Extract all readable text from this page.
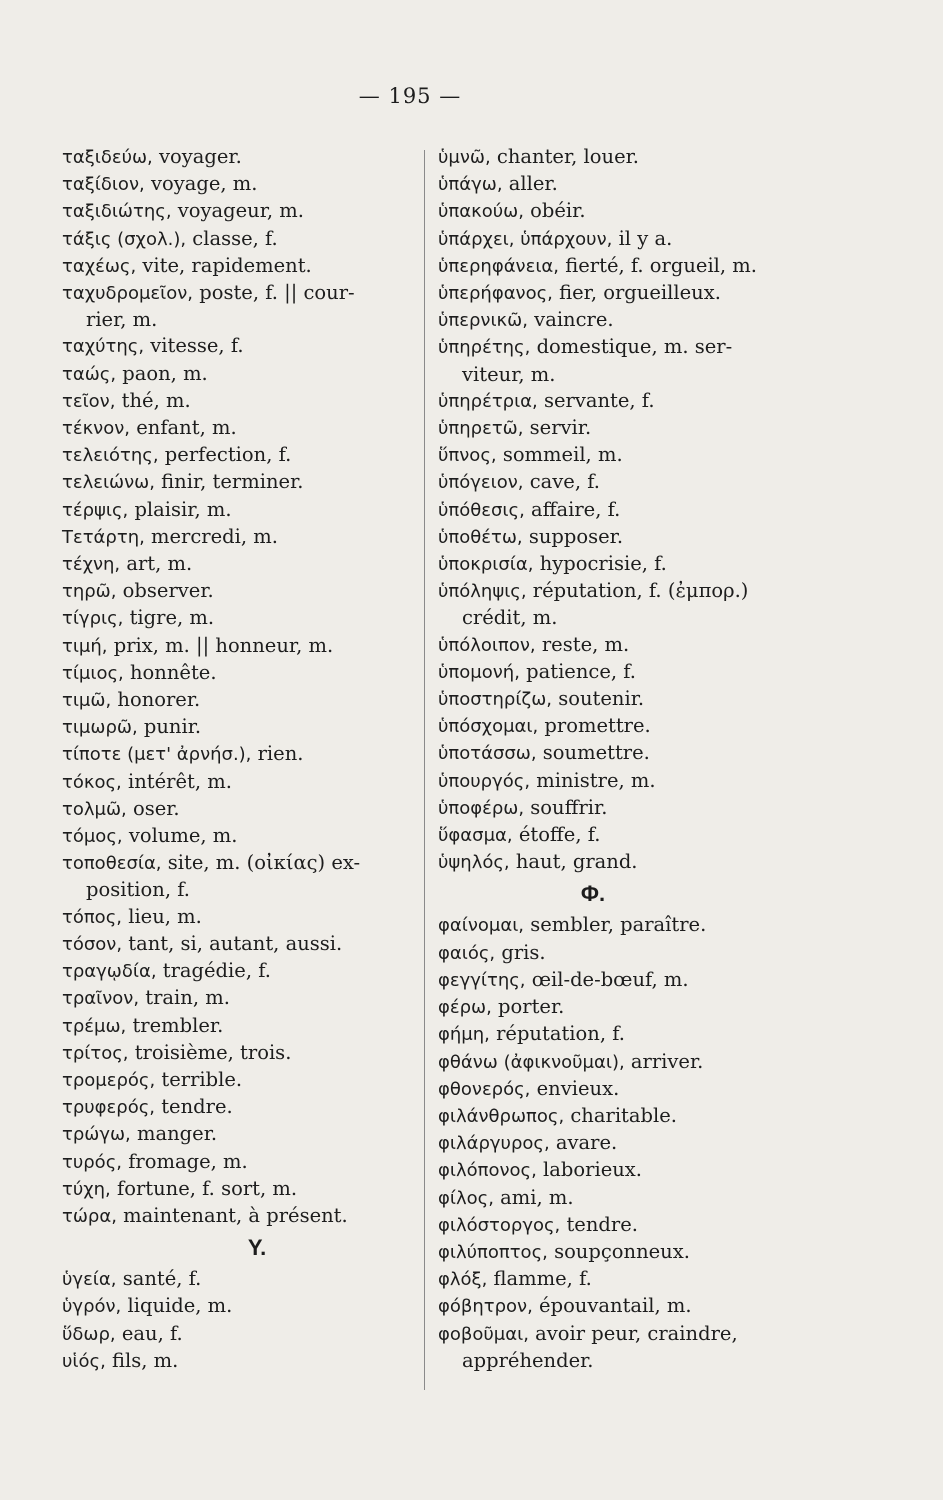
— 195 —
ταξιδεύω, voyager.
ταξίδιον, voyage, m.
ταξιδιώτης, voyageur, m.
τάξις (σχολ.), classe, f.
ταχέως, vite, rapidement.
ταχυδρομεῖον, poste, f. || cour-
rier, m.
ταχύτης, vitesse, f.
ταώς, paon, m.
τεῖον, thé, m.
τέκνον, enfant, m.
τελειότης, perfection, f.
τελειώνω, finir, terminer.
τέρψις, plaisir, m.
Τετάρτη, mercredi, m.
τέχνη, art, m.
τηρῶ, observer.
τίγρις, tigre, m.
τιμή, prix, m. || honneur, m.
τίμιος, honnête.
τιμῶ, honorer.
τιμωρῶ, punir.
τίποτε (μετ' ἀρνήσ.), rien.
τόκος, intérêt, m.
τολμῶ, oser.
τόμος, volume, m.
τοποθεσία, site, m. (οἰκίας) ex-
position, f.
τόπος, lieu, m.
τόσον, tant, si, autant, aussi.
τραγῳδία, tragédie, f.
τραῖνον, train, m.
τρέμω, trembler.
τρίτος, troisième, trois.
τρομερός, terrible.
τρυφερός, tendre.
τρώγω, manger.
τυρός, fromage, m.
τύχη, fortune, f. sort, m.
τώρα, maintenant, à présent.
Υ.
ὑγεία, santé, f.
ὑγρόν, liquide, m.
ὕδωρ, eau, f.
υἱός, fils, m.
ὑμνῶ, chanter, louer.
ὑπάγω, aller.
ὑπακούω, obéir.
ὑπάρχει, ὑπάρχουν, il y a.
ὑπερηφάνεια, fierté, f. orgueil, m.
ὑπερήφανος, fier, orgueilleux.
ὑπερνικῶ, vaincre.
ὑπηρέτης, domestique, m. ser-
viteur, m.
ὑπηρέτρια, servante, f.
ὑπηρετῶ, servir.
ὕπνος, sommeil, m.
ὑπόγειον, cave, f.
ὑπόθεσις, affaire, f.
ὑποθέτω, supposer.
ὑποκρισία, hypocrisie, f.
ὑπόληψις, réputation, f. (ἐμπορ.)
crédit, m.
ὑπόλοιπον, reste, m.
ὑπομονή, patience, f.
ὑποστηρίζω, soutenir.
ὑπόσχομαι, promettre.
ὑποτάσσω, soumettre.
ὑπουργός, ministre, m.
ὑποφέρω, souffrir.
ὕφασμα, étoffe, f.
ὑψηλός, haut, grand.
Φ.
φαίνομαι, sembler, paraître.
φαιός, gris.
φεγγίτης, œil-de-bœuf, m.
φέρω, porter.
φήμη, réputation, f.
φθάνω (ἀφικνοῦμαι), arriver.
φθονερός, envieux.
φιλάνθρωπος, charitable.
φιλάργυρος, avare.
φιλόπονος, laborieux.
φίλος, ami, m.
φιλόστοργος, tendre.
φιλύποπτος, soupçonneux.
φλόξ, flamme, f.
φόβητρον, épouvantail, m.
φοβοῦμαι, avoir peur, craindre,
appréhender.
